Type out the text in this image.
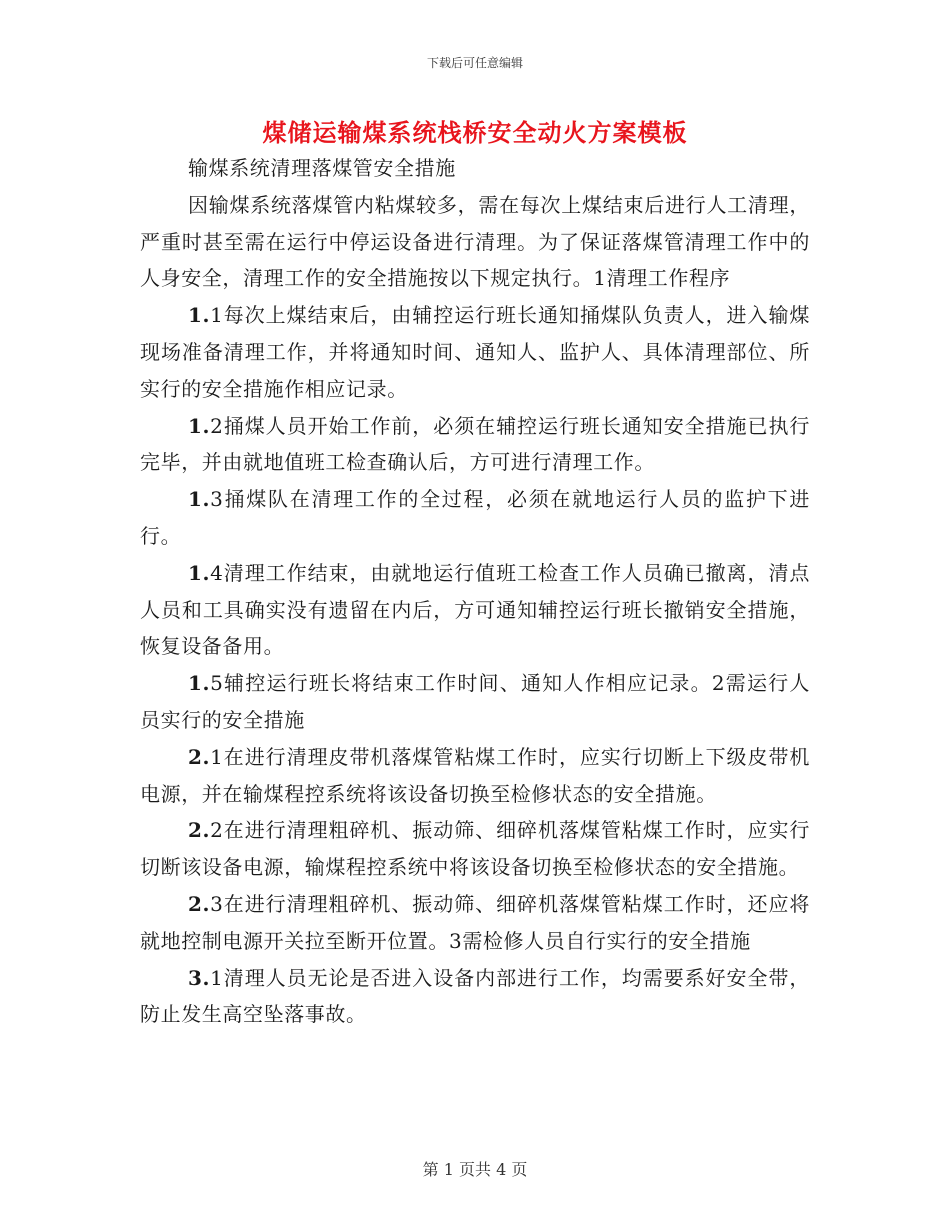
下载后可任意编辑
煤储运输煤系统栈桥安全动火方案模板

输煤系统清理落煤管安全措施

因输煤系统落煤管内粘煤较多，需在每次上煤结束后进行人工清理，严重时甚至需在运行中停运设备进行清理。为了保证落煤管清理工作中的人身安全，清理工作的安全措施按以下规定执行。1清理工作程序

1.1每次上煤结束后，由辅控运行班长通知捅煤队负责人，进入输煤现场准备清理工作，并将通知时间、通知人、监护人、具体清理部位、所实行的安全措施作相应记录。

1.2捅煤人员开始工作前，必须在辅控运行班长通知安全措施已执行完毕，并由就地值班工检查确认后，方可进行清理工作。

1.3捅煤队在清理工作的全过程，必须在就地运行人员的监护下进行。

1.4清理工作结束，由就地运行值班工检查工作人员确已撤离，清点人员和工具确实没有遗留在内后，方可通知辅控运行班长撤销安全措施，恢复设备备用。

1.5辅控运行班长将结束工作时间、通知人作相应记录。2需运行人员实行的安全措施

2.1在进行清理皮带机落煤管粘煤工作时，应实行切断上下级皮带机电源，并在输煤程控系统将该设备切换至检修状态的安全措施。

2.2在进行清理粗碎机、振动筛、细碎机落煤管粘煤工作时，应实行切断该设备电源，输煤程控系统中将该设备切换至检修状态的安全措施。

2.3在进行清理粗碎机、振动筛、细碎机落煤管粘煤工作时，还应将就地控制电源开关拉至断开位置。3需检修人员自行实行的安全措施

3.1清理人员无论是否进入设备内部进行工作，均需要系好安全带，防止发生高空坠落事故。

第 1 页共 4 页
